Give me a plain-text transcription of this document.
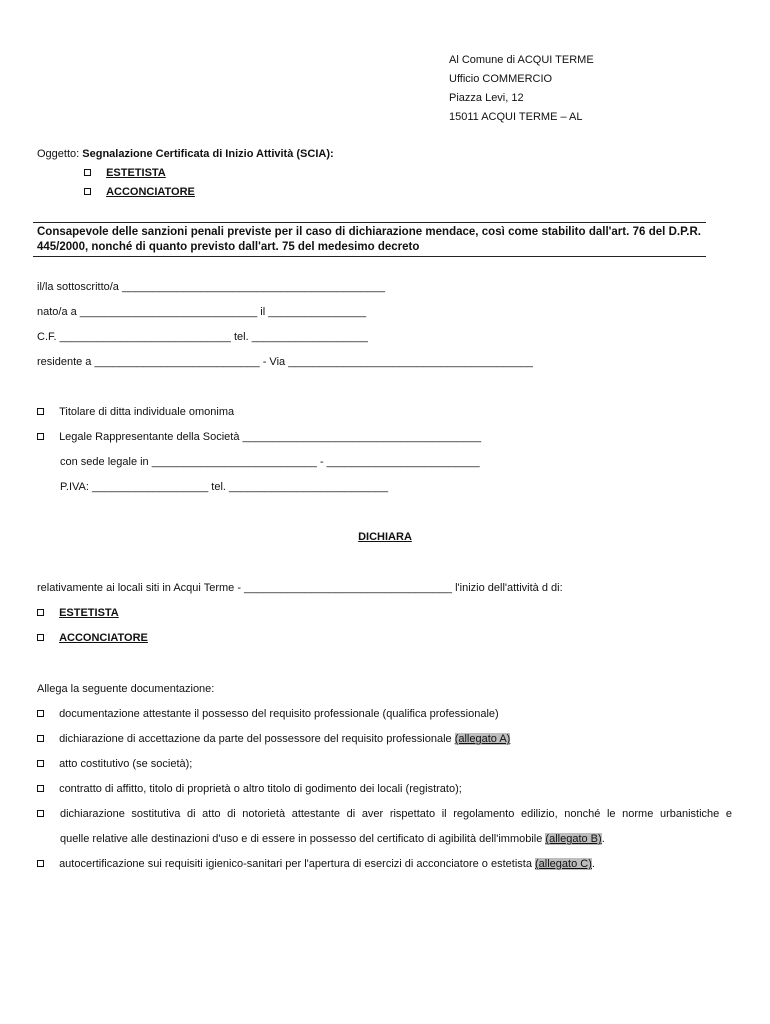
Al Comune di ACQUI TERME
Ufficio COMMERCIO
Piazza Levi, 12
15011 ACQUI TERME – AL
Oggetto: Segnalazione Certificata di Inizio Attività (SCIA):
ESTETISTA
ACCONCIATORE
Consapevole delle sanzioni penali previste per il caso di dichiarazione mendace, così come stabilito dall'art. 76 del D.P.R. 445/2000, nonché di quanto previsto dall'art. 75 del medesimo decreto
il/la sottoscritto/a ___________________________________________
nato/a a _____________________________ il ________________
C.F. ____________________________ tel. ___________________
residente a ___________________________ - Via ________________________________________
Titolare di ditta individuale omonima
Legale Rappresentante della Società _______________________________________
con sede legale in ___________________________ - _________________________
P.IVA: ___________________ tel. __________________________
DICHIARA
relativamente ai locali siti in Acqui Terme - __________________________________ l'inizio dell'attività d di:
ESTETISTA
ACCONCIATORE
Allega la seguente documentazione:
documentazione attestante il possesso del requisito professionale (qualifica professionale)
dichiarazione di accettazione da parte del possessore del requisito professionale (allegato A)
atto costitutivo (se società);
contratto di affitto, titolo di proprietà o altro titolo di godimento dei locali (registrato);
dichiarazione sostitutiva di atto di notorietà attestante di aver rispettato il regolamento edilizio, nonché le norme urbanistiche e
quelle relative alle destinazioni d'uso e di essere in possesso del certificato di agibilità dell'immobile (allegato B).
autocertificazione sui requisiti igienico-sanitari per l'apertura di esercizi di acconciatore o estetista (allegato C).
